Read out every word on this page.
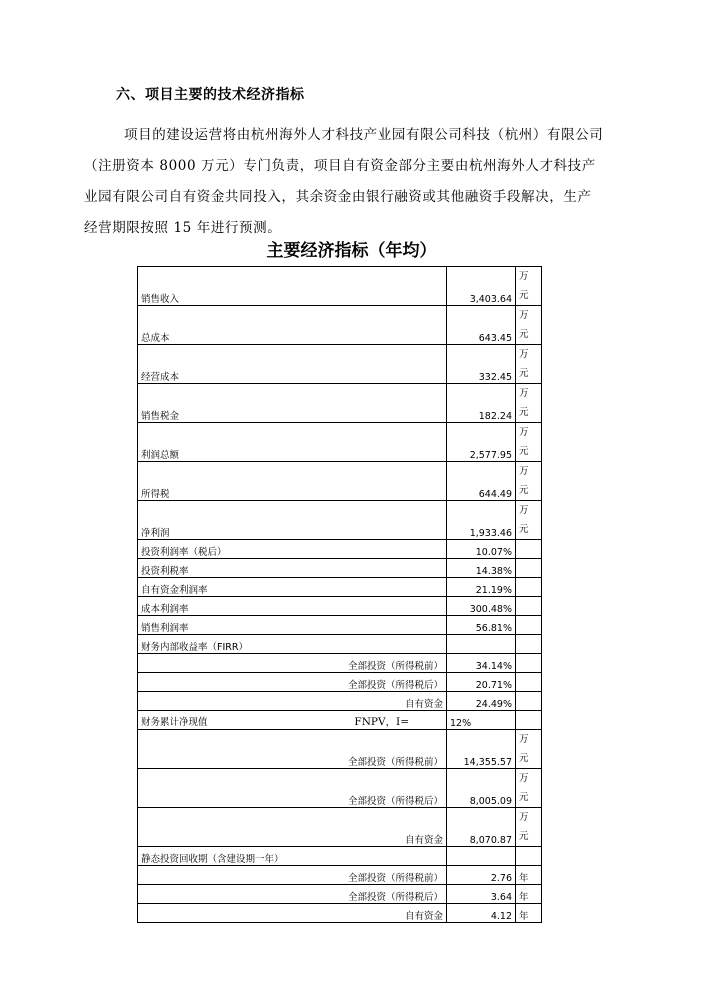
六、项目主要的技术经济指标
项目的建设运营将由杭州海外人才科技产业园有限公司科技（杭州）有限公司（注册资本 8000 万元）专门负责，项目自有资金部分主要由杭州海外人才科技产业园有限公司自有资金共同投入，其余资金由银行融资或其他融资手段解决，生产经营期限按照 15 年进行预测。
主要经济指标（年均）
销售收入	3,403.64	万
元

总成本	643.45	万
元

经营成本	332.45	万
元

销售税金	182.24	万
元

利润总额	2,577.95	万
元

所得税	644.49	万
元

净利润	1,933.46	万
元

投资利润率（税后）	10.07%	
投资利税率	14.38%	
自有资金利润率	21.19%	
成本利润率	300.48%	
销售利润率	56.81%	
财务内部收益率（FIRR）		
全部投资（所得税前）	34.14%	
全部投资（所得税后）	20.71%	
自有资金	24.49%	

财务累计净现值 FNPV，I=	12%	
全部投资（所得税前）	14,355.57	万
元

全部投资（所得税后）	8,005.09	万
元

自有资金	8,070.87	万
元

静态投资回收期（含建设期一年）		
全部投资（所得税前）	2.76	年
全部投资（所得税后）	3.64	年
自有资金	4.12	年
